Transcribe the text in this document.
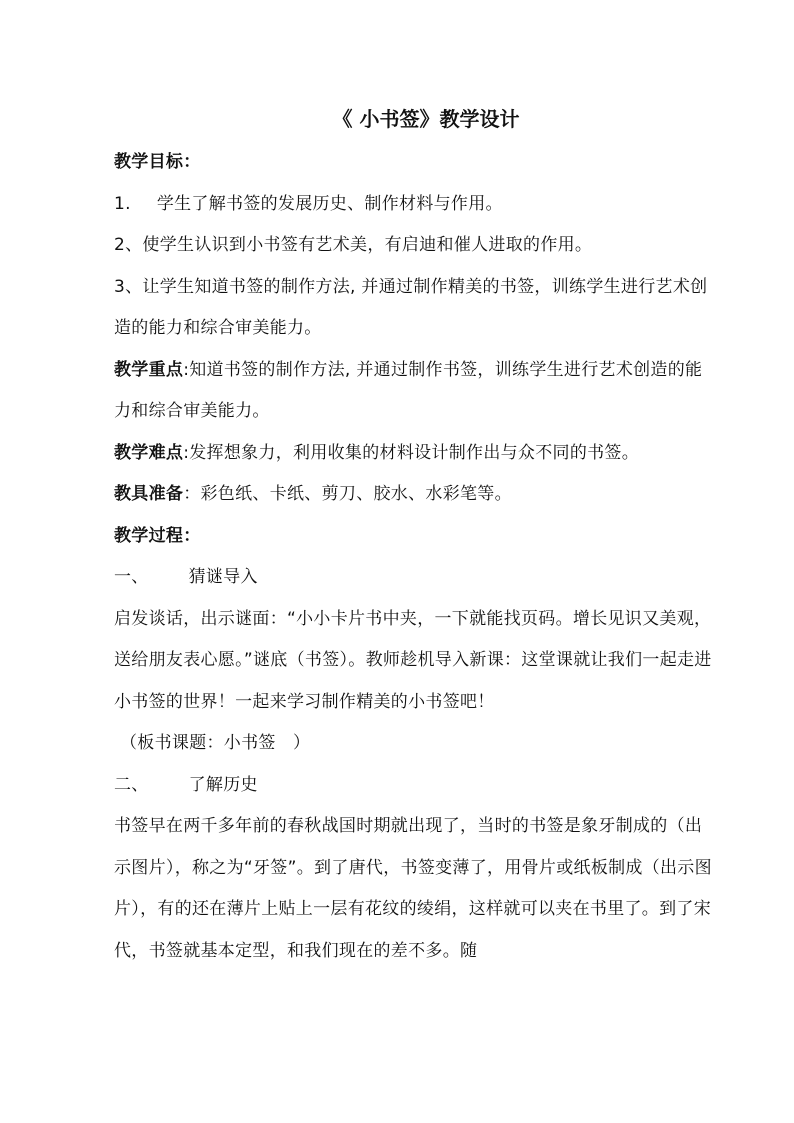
《 小书签》教学设计

教学目标：

1. 学生了解书签的发展历史、制作材料与作用。

2、使学生认识到小书签有艺术美，有启迪和催人进取的作用。

3、让学生知道书签的制作方法, 并通过制作精美的书签，训练学生进行艺术创造的能力和综合审美能力。

教学重点:知道书签的制作方法, 并通过制作书签，训练学生进行艺术创造的能力和综合审美能力。

教学难点:发挥想象力，利用收集的材料设计制作出与众不同的书签。

教具准备：彩色纸、卡纸、剪刀、胶水、水彩笔等。

教学过程：

一、 猜谜导入

启发谈话，出示谜面：“小小卡片书中夹，一下就能找页码。增长见识又美观，送给朋友表心愿。”谜底（书签）。教师趁机导入新课：这堂课就让我们一起走进小书签的世界！一起来学习制作精美的小书签吧！

（板书课题：小书签　）

二、 了解历史

书签早在两千多年前的春秋战国时期就出现了，当时的书签是象牙制成的（出示图片），称之为“牙签”。到了唐代，书签变薄了，用骨片或纸板制成（出示图片），有的还在薄片上贴上一层有花纹的绫绢，这样就可以夹在书里了。到了宋代，书签就基本定型，和我们现在的差不多。随
